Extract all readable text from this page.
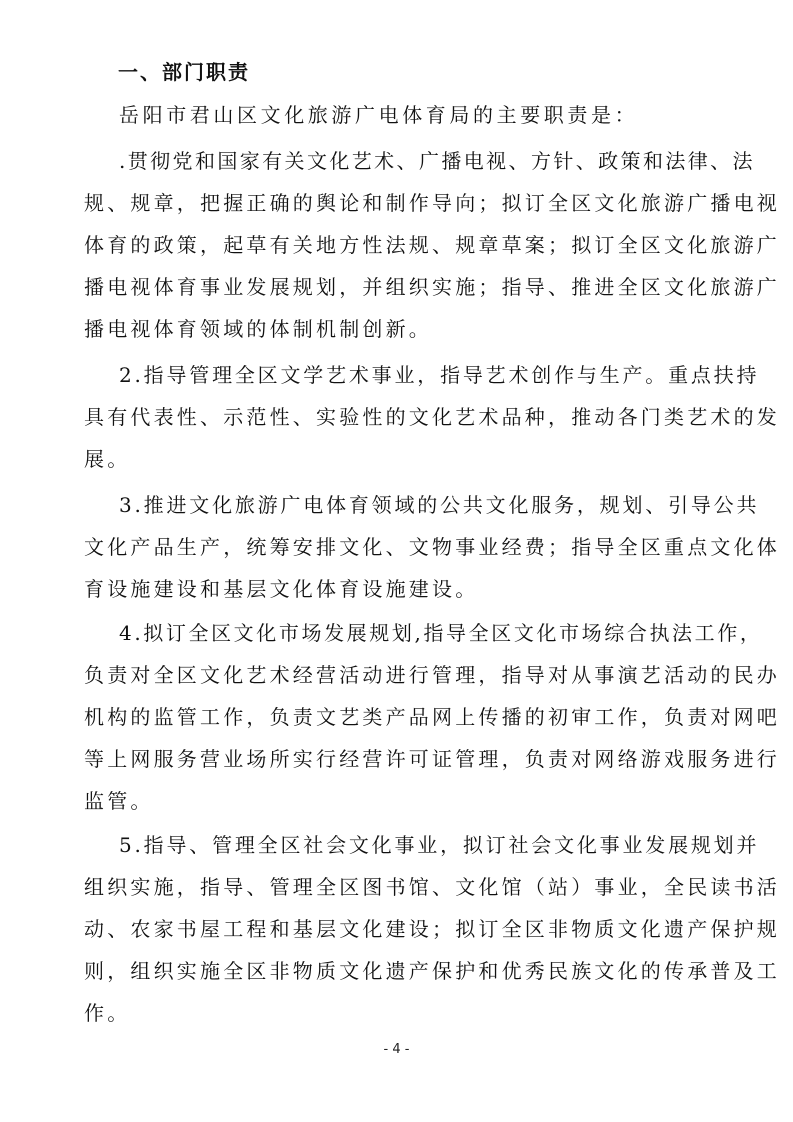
一、部门职责
岳阳市君山区文化旅游广电体育局的主要职责是：
.贯彻党和国家有关文化艺术、广播电视、方针、政策和法律、法
规、规章，把握正确的舆论和制作导向；拟订全区文化旅游广播电视
体育的政策，起草有关地方性法规、规章草案；拟订全区文化旅游广
播电视体育事业发展规划，并组织实施；指导、推进全区文化旅游广
播电视体育领域的体制机制创新。
2.指导管理全区文学艺术事业，指导艺术创作与生产。重点扶持
具有代表性、示范性、实验性的文化艺术品种，推动各门类艺术的发
展。
3.推进文化旅游广电体育领域的公共文化服务，规划、引导公共
文化产品生产，统筹安排文化、文物事业经费；指导全区重点文化体
育设施建设和基层文化体育设施建设。
4.拟订全区文化市场发展规划,指导全区文化市场综合执法工作，
负责对全区文化艺术经营活动进行管理，指导对从事演艺活动的民办
机构的监管工作，负责文艺类产品网上传播的初审工作，负责对网吧
等上网服务营业场所实行经营许可证管理，负责对网络游戏服务进行
监管。
5.指导、管理全区社会文化事业，拟订社会文化事业发展规划并
组织实施，指导、管理全区图书馆、文化馆（站）事业，全民读书活
动、农家书屋工程和基层文化建设；拟订全区非物质文化遗产保护规
则，组织实施全区非物质文化遗产保护和优秀民族文化的传承普及工
作。
- 4 -
